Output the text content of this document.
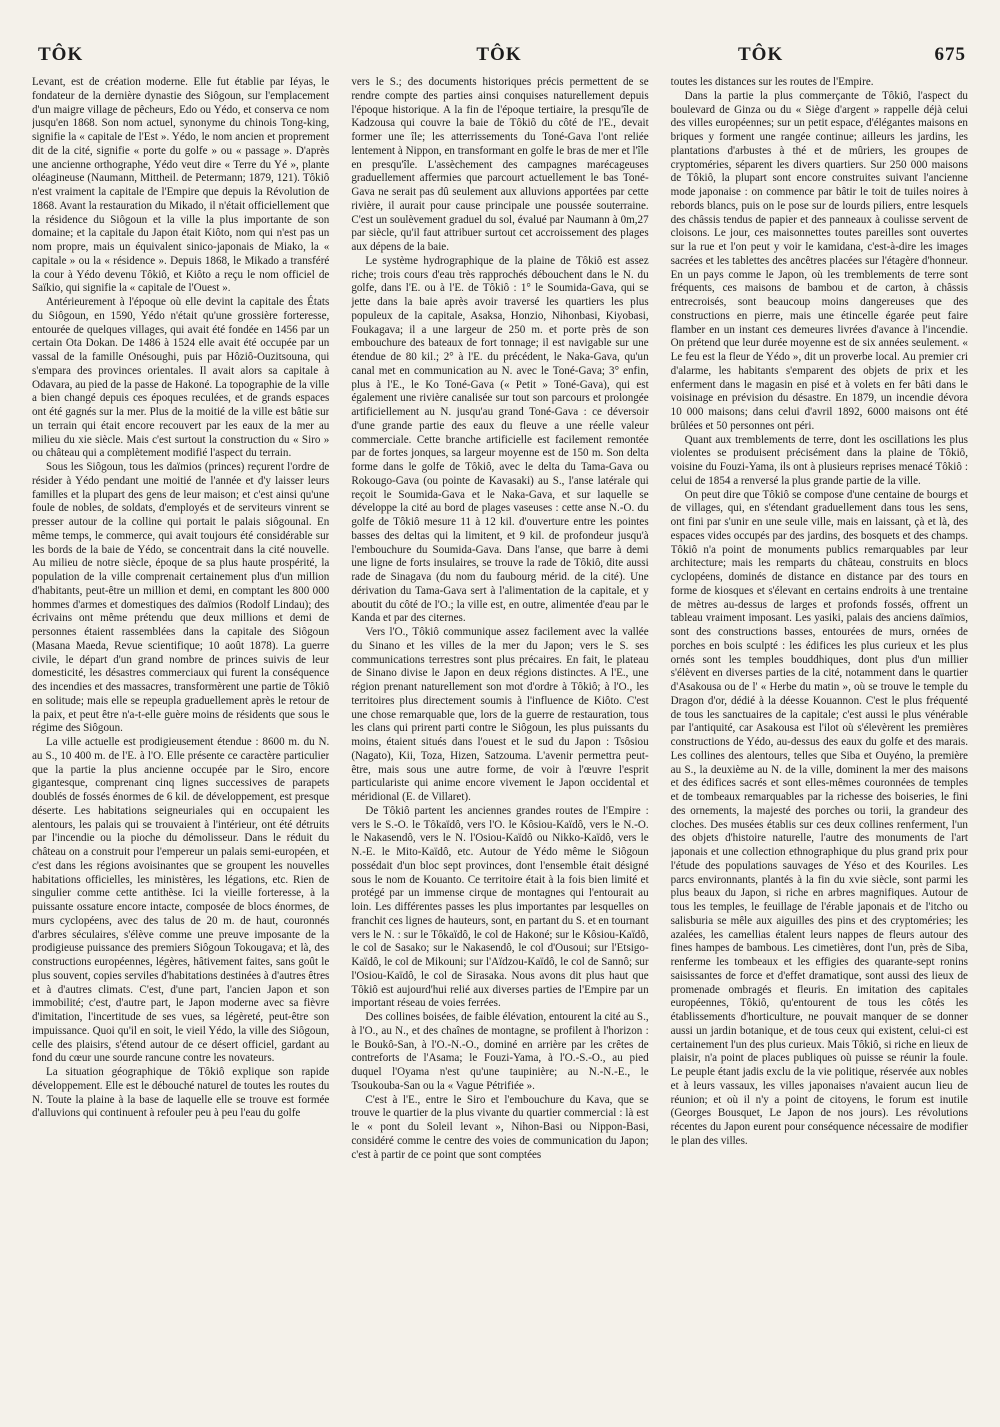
TÔK	TÔK	TÔK	675

Levant, est de création moderne. Elle fut établie par Iéyas, le fondateur de la dernière dynastie des Siôgoun, sur l'emplacement d'un maigre village de pêcheurs, Edo ou Yédo, et conserva ce nom jusqu'en 1868. Son nom actuel, synonyme du chinois Tong-king, signifie la « capitale de l'Est ». Yédo, le nom ancien et proprement dit de la cité, signifie « porte du golfe » ou « passage ». D'après une ancienne orthographe, Yédo veut dire « Terre du Yé », plante oléagineuse (Naumann, Mittheil. de Petermann; 1879, 121). Tôkiô n'est vraiment la capitale de l'Empire que depuis la Révolution de 1868. Avant la restauration du Mikado, il n'était officiellement que la résidence du Siôgoun et la ville la plus importante de son domaine; et la capitale du Japon était Kiôto, nom qui n'est pas un nom propre, mais un équivalent sinico-japonais de Miako, la « capitale » ou la « résidence ». Depuis 1868, le Mikado a transféré la cour à Yédo devenu Tôkiô, et Kiôto a reçu le nom officiel de Saïkio, qui signifie la « capitale de l'Ouest ».

Antérieurement à l'époque où elle devint la capitale des États du Siôgoun, en 1590, Yédo n'était qu'une grossière forteresse, entourée de quelques villages, qui avait été fondée en 1456 par un certain Ota Dokan. De 1486 à 1524 elle avait été occupée par un vassal de la famille Onésoughi, puis par Hôziô-Ouzitsouna, qui s'empara des provinces orientales. Il avait alors sa capitale à Odavara, au pied de la passe de Hakoné. La topographie de la ville a bien changé depuis ces époques reculées, et de grands espaces ont été gagnés sur la mer. Plus de la moitié de la ville est bâtie sur un terrain qui était encore recouvert par les eaux de la mer au milieu du xie siècle. Mais c'est surtout la construction du « Siro » ou château qui a complètement modifié l'aspect du terrain.

Sous les Siôgoun, tous les daïmios (princes) reçurent l'ordre de résider à Yédo pendant une moitié de l'année et d'y laisser leurs familles et la plupart des gens de leur maison; et c'est ainsi qu'une foule de nobles, de soldats, d'employés et de serviteurs vinrent se presser autour de la colline qui portait le palais siôgounal. En même temps, le commerce, qui avait toujours été considérable sur les bords de la baie de Yédo, se concentrait dans la cité nouvelle. Au milieu de notre siècle, époque de sa plus haute prospérité, la population de la ville comprenait certainement plus d'un million d'habitants, peut-être un million et demi, en comptant les 800 000 hommes d'armes et domestiques des daïmios (Rodolf Lindau); des écrivains ont même prétendu que deux millions et demi de personnes étaient rassemblées dans la capitale des Siôgoun (Masana Maeda, Revue scientifique; 10 août 1878). La guerre civile, le départ d'un grand nombre de princes suivis de leur domesticité, les désastres commerciaux qui furent la conséquence des incendies et des massacres, transformèrent une partie de Tôkiô en solitude; mais elle se repeupla graduellement après le retour de la paix, et peut être n'a-t-elle guère moins de résidents que sous le régime des Siôgoun.

La ville actuelle est prodigieusement étendue : 8600 m. du N. au S., 10 400 m. de l'E. à l'O. Elle présente ce caractère particulier que la partie la plus ancienne occupée par le Siro, encore gigantesque, comprenant cinq lignes successives de parapets doublés de fossés énormes de 6 kil. de développement, est presque déserte. Les habitations seigneuriales qui en occupaient les alentours, les palais qui se trouvaient à l'intérieur, ont été détruits par l'incendie ou la pioche du démolisseur. Dans le réduit du château on a construit pour l'empereur un palais semi-européen, et c'est dans les régions avoisinantes que se groupent les nouvelles habitations officielles, les ministères, les légations, etc. Rien de singulier comme cette antithèse. Ici la vieille forteresse, à la puissante ossature encore intacte, composée de blocs énormes, de murs cyclopéens, avec des talus de 20 m. de haut, couronnés d'arbres séculaires, s'élève comme une preuve imposante de la prodigieuse puissance des premiers Siôgoun Tokougava; et là, des constructions européennes, légères, hâtivement faites, sans goût le plus souvent, copies serviles d'habitations destinées à d'autres êtres et à d'autres climats. C'est, d'une part, l'ancien Japon et son immobilité; c'est, d'autre part, le Japon moderne avec sa fièvre d'imitation, l'incertitude de ses vues, sa légèreté, peut-être son impuissance. Quoi qu'il en soit, le vieil Yédo, la ville des Siôgoun, celle des plaisirs, s'étend autour de ce désert officiel, gardant au fond du cœur une sourde rancune contre les novateurs.

La situation géographique de Tôkiô explique son rapide développement. Elle est le débouché naturel de toutes les routes du N. Toute la plaine à la base de laquelle elle se trouve est formée d'alluvions qui continuent à refouler peu à peu l'eau du golfe

vers le S.; des documents historiques précis permettent de se rendre compte des parties ainsi conquises naturellement depuis l'époque historique. A la fin de l'époque tertiaire, la presqu'île de Kadzousa qui couvre la baie de Tôkiô du côté de l'E., devait former une île; les atterrissements du Toné-Gava l'ont reliée lentement à Nippon, en transformant en golfe le bras de mer et l'île en presqu'île. L'assèchement des campagnes marécageuses graduellement affermies que parcourt actuellement le bas Toné-Gava ne serait pas dû seulement aux alluvions apportées par cette rivière, il aurait pour cause principale une poussée souterraine. C'est un soulèvement graduel du sol, évalué par Naumann à 0m,27 par siècle, qu'il faut attribuer surtout cet accroissement des plages aux dépens de la baie.

Le système hydrographique de la plaine de Tôkiô est assez riche; trois cours d'eau très rapprochés débouchent dans le N. du golfe, dans l'E. ou à l'E. de Tôkiô : 1° le Soumida-Gava, qui se jette dans la baie après avoir traversé les quartiers les plus populeux de la capitale, Asaksa, Honzio, Nihonbasi, Kiyobasi, Foukagava; il a une largeur de 250 m. et porte près de son embouchure des bateaux de fort tonnage; il est navigable sur une étendue de 80 kil.; 2° à l'E. du précédent, le Naka-Gava, qu'un canal met en communication au N. avec le Toné-Gava; 3° enfin, plus à l'E., le Ko Toné-Gava (« Petit » Toné-Gava), qui est également une rivière canalisée sur tout son parcours et prolongée artificiellement au N. jusqu'au grand Toné-Gava : ce déversoir d'une grande partie des eaux du fleuve a une réelle valeur commerciale. Cette branche artificielle est facilement remontée par de fortes jonques, sa largeur moyenne est de 150 m. Son delta forme dans le golfe de Tôkiô, avec le delta du Tama-Gava ou Rokougo-Gava (ou pointe de Kavasaki) au S., l'anse latérale qui reçoit le Soumida-Gava et le Naka-Gava, et sur laquelle se développe la cité au bord de plages vaseuses : cette anse N.-O. du golfe de Tôkiô mesure 11 à 12 kil. d'ouverture entre les pointes basses des deltas qui la limitent, et 9 kil. de profondeur jusqu'à l'embouchure du Soumida-Gava. Dans l'anse, que barre à demi une ligne de forts insulaires, se trouve la rade de Tôkiô, dite aussi rade de Sinagava (du nom du faubourg mérid. de la cité). Une dérivation du Tama-Gava sert à l'alimentation de la capitale, et y aboutit du côté de l'O.; la ville est, en outre, alimentée d'eau par le Kanda et par des citernes.

Vers l'O., Tôkiô communique assez facilement avec la vallée du Sinano et les villes de la mer du Japon; vers le S. ses communications terrestres sont plus précaires. En fait, le plateau de Sinano divise le Japon en deux régions distinctes. A l'E., une région prenant naturellement son mot d'ordre à Tôkiô; à l'O., les territoires plus directement soumis à l'influence de Kiôto. C'est une chose remarquable que, lors de la guerre de restauration, tous les clans qui prirent parti contre le Siôgoun, les plus puissants du moins, étaient situés dans l'ouest et le sud du Japon : Tsôsiou (Nagato), Kii, Toza, Hizen, Satzouma. L'avenir permettra peut-être, mais sous une autre forme, de voir à l'œuvre l'esprit particulariste qui anime encore vivement le Japon occidental et méridional (E. de Villaret).

De Tôkiô partent les anciennes grandes routes de l'Empire : vers le S.-O. le Tôkaïdô, vers l'O. le Kôsiou-Kaïdô, vers le N.-O. le Nakasendô, vers le N. l'Osiou-Kaïdô ou Nikko-Kaïdô, vers le N.-E. le Mito-Kaïdô, etc. Autour de Yédo même le Siôgoun possédait d'un bloc sept provinces, dont l'ensemble était désigné sous le nom de Kouanto. Ce territoire était à la fois bien limité et protégé par un immense cirque de montagnes qui l'entourait au loin. Les différentes passes les plus importantes par lesquelles on franchit ces lignes de hauteurs, sont, en partant du S. et en tournant vers le N. : sur le Tôkaïdô, le col de Hakoné; sur le Kôsiou-Kaïdô, le col de Sasako; sur le Nakasendô, le col d'Ousoui; sur l'Etsigo-Kaïdô, le col de Mikouni; sur l'Aïdzou-Kaïdô, le col de Sannô; sur l'Osiou-Kaïdô, le col de Sirasaka. Nous avons dit plus haut que Tôkiô est aujourd'hui relié aux diverses parties de l'Empire par un important réseau de voies ferrées.

Des collines boisées, de faible élévation, entourent la cité au S., à l'O., au N., et des chaînes de montagne, se profilent à l'horizon : le Boukô-San, à l'O.-N.-O., dominé en arrière par les crêtes de contreforts de l'Asama; le Fouzi-Yama, à l'O.-S.-O., au pied duquel l'Oyama n'est qu'une taupinière; au N.-N.-E., le Tsoukouba-San ou la « Vague Pétrifiée ».

C'est à l'E., entre le Siro et l'embouchure du Kava, que se trouve le quartier de la plus vivante du quartier commercial : là est le « pont du Soleil levant », Nihon-Basi ou Nippon-Basi, considéré comme le centre des voies de communication du Japon; c'est à partir de ce point que sont comptées

toutes les distances sur les routes de l'Empire.

Dans la partie la plus commerçante de Tôkiô, l'aspect du boulevard de Ginza ou du « Siège d'argent » rappelle déjà celui des villes européennes; sur un petit espace, d'élégantes maisons en briques y forment une rangée continue; ailleurs les jardins, les plantations d'arbustes à thé et de mûriers, les groupes de cryptoméries, séparent les divers quartiers. Sur 250 000 maisons de Tôkiô, la plupart sont encore construites suivant l'ancienne mode japonaise : on commence par bâtir le toit de tuiles noires à rebords blancs, puis on le pose sur de lourds piliers, entre lesquels des châssis tendus de papier et des panneaux à coulisse servent de cloisons. Le jour, ces maisonnettes toutes pareilles sont ouvertes sur la rue et l'on peut y voir le kamidana, c'est-à-dire les images sacrées et les tablettes des ancêtres placées sur l'étagère d'honneur. En un pays comme le Japon, où les tremblements de terre sont fréquents, ces maisons de bambou et de carton, à châssis entrecroisés, sont beaucoup moins dangereuses que des constructions en pierre, mais une étincelle égarée peut faire flamber en un instant ces demeures livrées d'avance à l'incendie. On prétend que leur durée moyenne est de six années seulement. « Le feu est la fleur de Yédo », dit un proverbe local. Au premier cri d'alarme, les habitants s'emparent des objets de prix et les enferment dans le magasin en pisé et à volets en fer bâti dans le voisinage en prévision du désastre. En 1879, un incendie dévora 10 000 maisons; dans celui d'avril 1892, 6000 maisons ont été brûlées et 50 personnes ont péri.

Quant aux tremblements de terre, dont les oscillations les plus violentes se produisent précisément dans la plaine de Tôkiô, voisine du Fouzi-Yama, ils ont à plusieurs reprises menacé Tôkiô : celui de 1854 a renversé la plus grande partie de la ville.

On peut dire que Tôkiô se compose d'une centaine de bourgs et de villages, qui, en s'étendant graduellement dans tous les sens, ont fini par s'unir en une seule ville, mais en laissant, çà et là, des espaces vides occupés par des jardins, des bosquets et des champs. Tôkiô n'a point de monuments publics remarquables par leur architecture; mais les remparts du château, construits en blocs cyclopéens, dominés de distance en distance par des tours en forme de kiosques et s'élevant en certains endroits à une trentaine de mètres au-dessus de larges et profonds fossés, offrent un tableau vraiment imposant. Les yasiki, palais des anciens daïmios, sont des constructions basses, entourées de murs, ornées de porches en bois sculpté : les édifices les plus curieux et les plus ornés sont les temples bouddhiques, dont plus d'un millier s'élèvent en diverses parties de la cité, notamment dans le quartier d'Asakousa ou de l' « Herbe du matin », où se trouve le temple du Dragon d'or, dédié à la déesse Kouannon. C'est le plus fréquenté de tous les sanctuaires de la capitale; c'est aussi le plus vénérable par l'antiquité, car Asakousa est l'ilot où s'élevèrent les premières constructions de Yédo, au-dessus des eaux du golfe et des marais. Les collines des alentours, telles que Siba et Ouyéno, la première au S., la deuxième au N. de la ville, dominent la mer des maisons et des édifices sacrés et sont elles-mêmes couronnées de temples et de tombeaux remarquables par la richesse des boiseries, le fini des ornements, la majesté des porches ou torii, la grandeur des cloches. Des musées établis sur ces deux collines renferment, l'un des objets d'histoire naturelle, l'autre des monuments de l'art japonais et une collection ethnographique du plus grand prix pour l'étude des populations sauvages de Yéso et des Kouriles. Les parcs environnants, plantés à la fin du xvie siècle, sont parmi les plus beaux du Japon, si riche en arbres magnifiques. Autour de tous les temples, le feuillage de l'érable japonais et de l'itcho ou salisburia se mêle aux aiguilles des pins et des cryptoméries; les azalées, les camellias étalent leurs nappes de fleurs autour des fines hampes de bambous. Les cimetières, dont l'un, près de Siba, renferme les tombeaux et les effigies des quarante-sept ronins saisissantes de force et d'effet dramatique, sont aussi des lieux de promenade ombragés et fleuris. En imitation des capitales européennes, Tôkiô, qu'entourent de tous les côtés les établissements d'horticulture, ne pouvait manquer de se donner aussi un jardin botanique, et de tous ceux qui existent, celui-ci est certainement l'un des plus curieux. Mais Tôkiô, si riche en lieux de plaisir, n'a point de places publiques où puisse se réunir la foule. Le peuple étant jadis exclu de la vie politique, réservée aux nobles et à leurs vassaux, les villes japonaises n'avaient aucun lieu de réunion; et où il n'y a point de citoyens, le forum est inutile (Georges Bousquet, Le Japon de nos jours). Les révolutions récentes du Japon eurent pour conséquence nécessaire de modifier le plan des villes.
